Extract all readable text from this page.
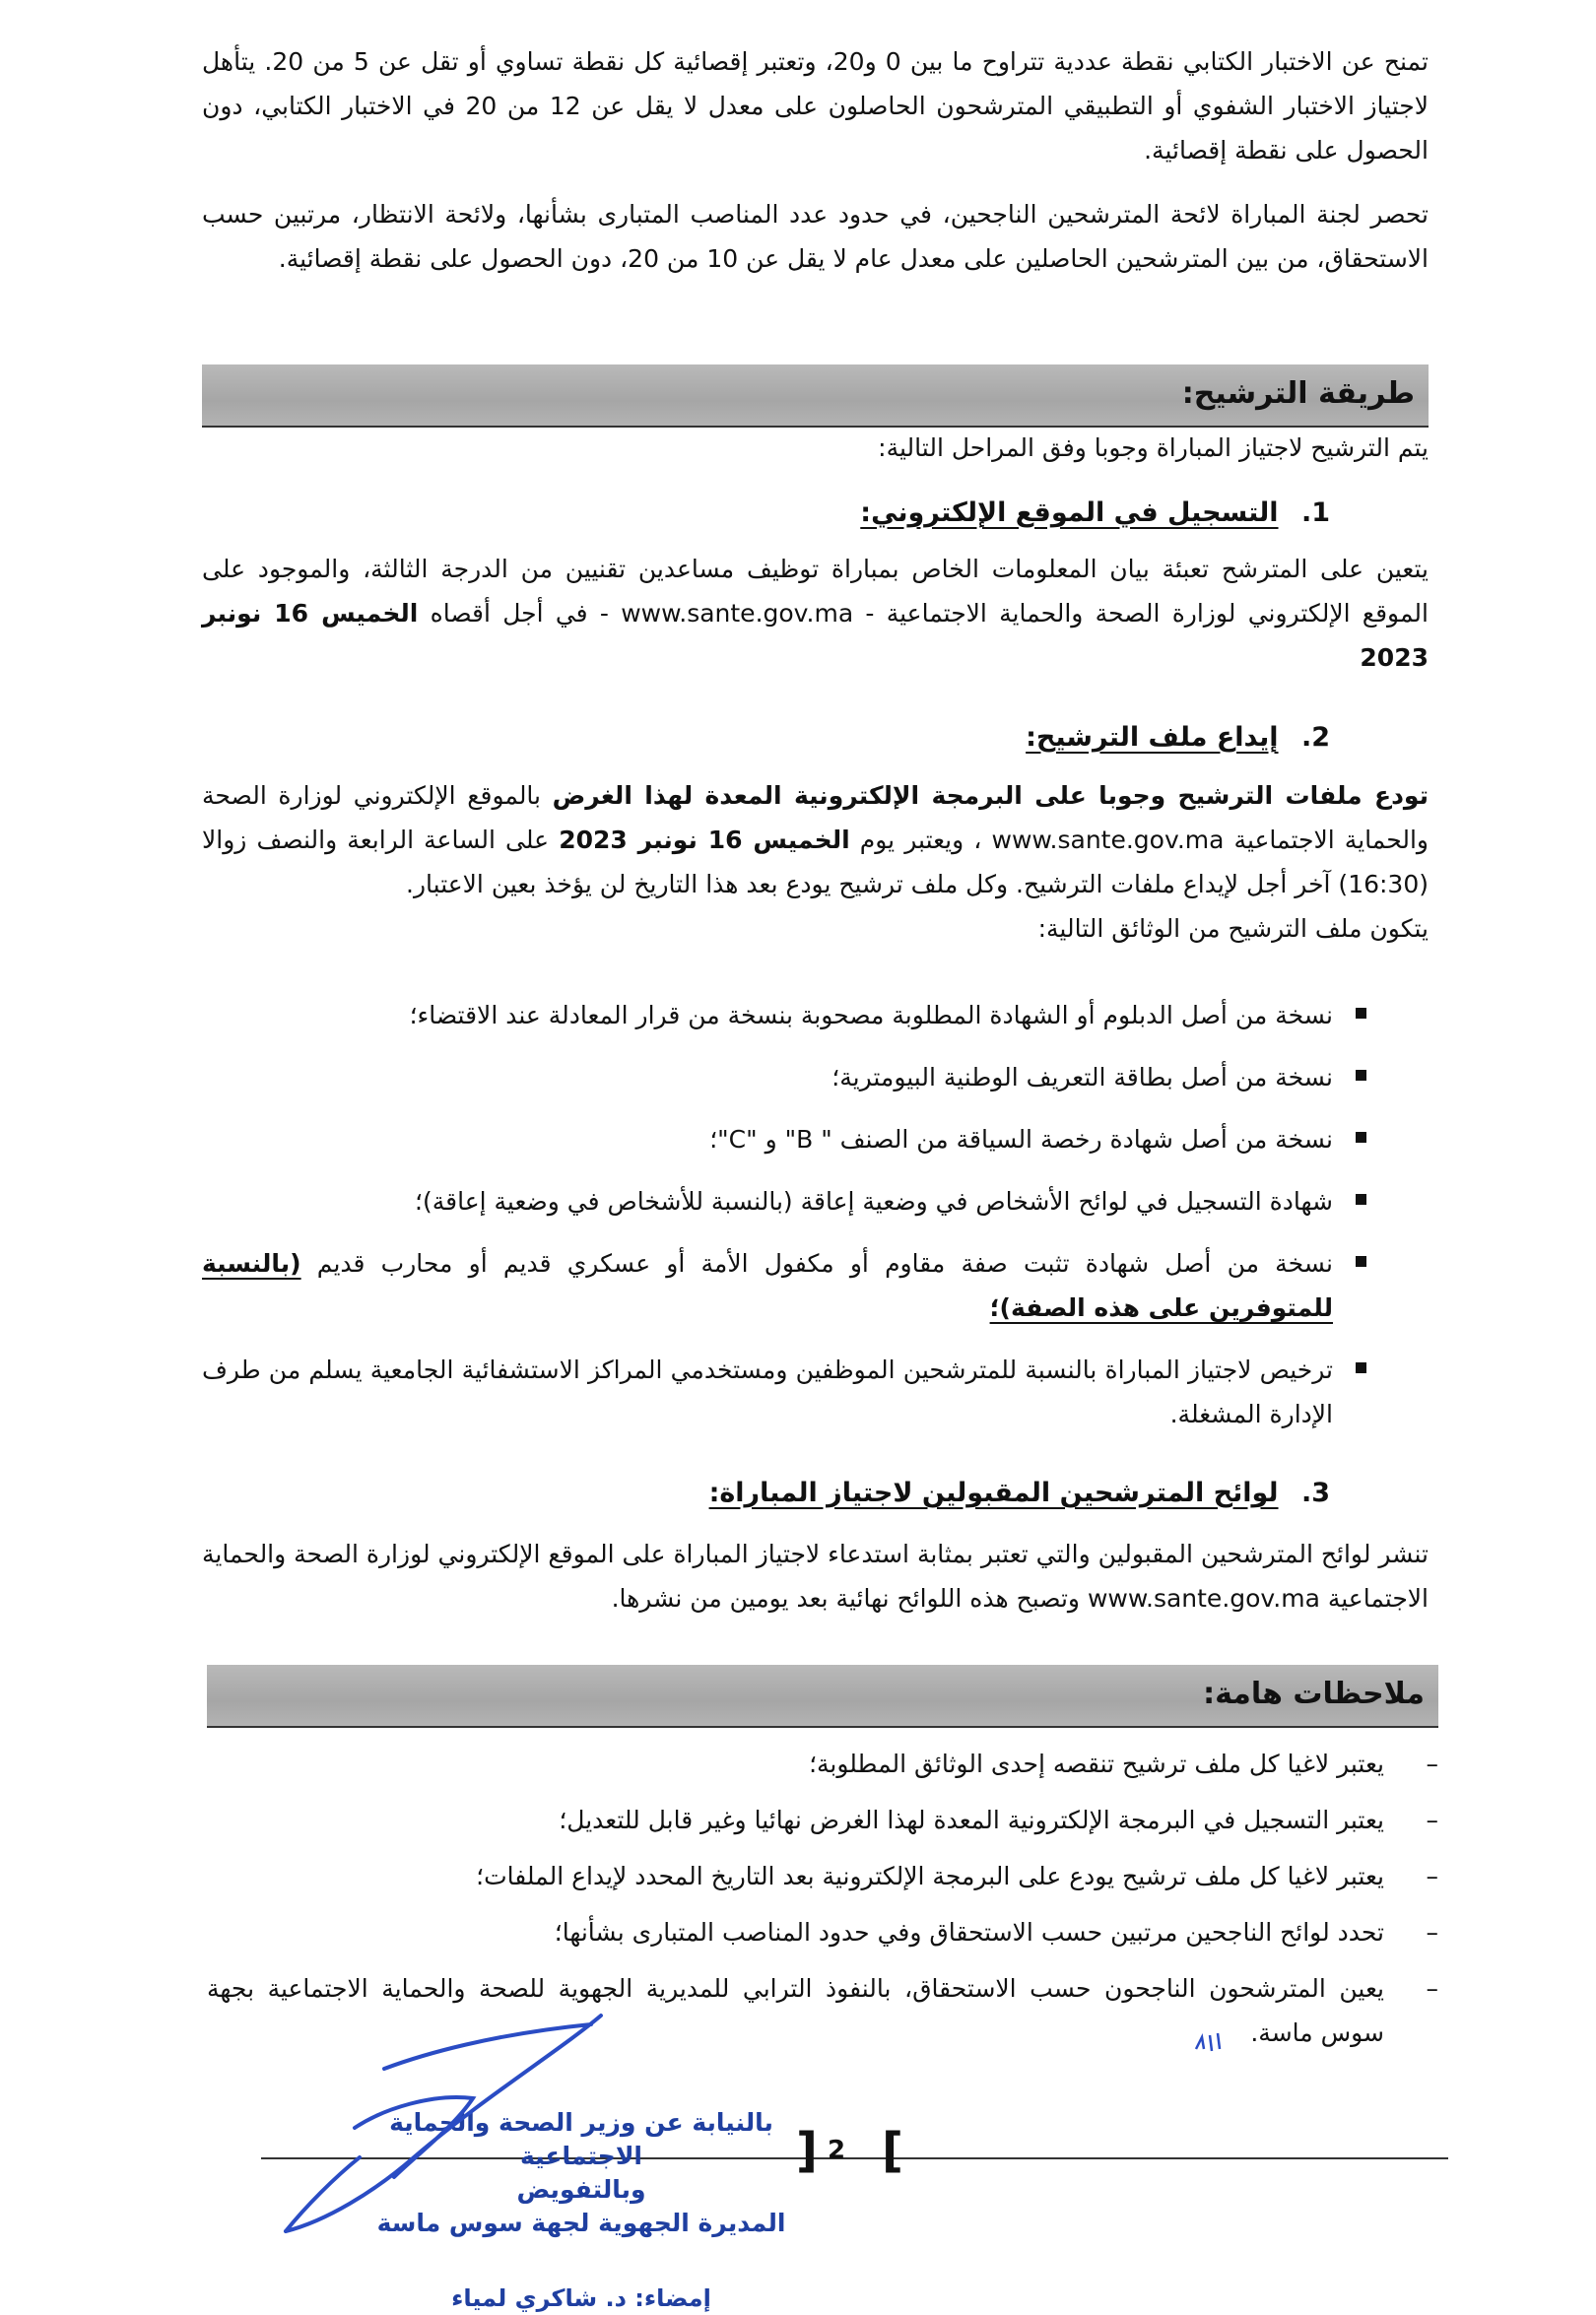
تمنح عن الاختبار الكتابي نقطة عددية تتراوح ما بين 0 و20، وتعتبر إقصائية كل نقطة تساوي أو تقل عن 5 من 20. يتأهل لاجتياز الاختبار الشفوي أو التطبيقي المترشحون الحاصلون على معدل لا يقل عن 12 من 20 في الاختبار الكتابي، دون الحصول على نقطة إقصائية.
تحصر لجنة المباراة لائحة المترشحين الناجحين، في حدود عدد المناصب المتبارى بشأنها، ولائحة الانتظار، مرتبين حسب الاستحقاق، من بين المترشحين الحاصلين على معدل عام لا يقل عن 10 من 20، دون الحصول على نقطة إقصائية.
طريقة الترشيح:
يتم الترشيح لاجتياز المباراة وجوبا وفق المراحل التالية:
1. التسجيل في الموقع الإلكتروني:
يتعين على المترشح تعبئة بيان المعلومات الخاص بمباراة توظيف مساعدين تقنيين من الدرجة الثالثة، والموجود على الموقع الإلكتروني لوزارة الصحة والحماية الاجتماعية - www.sante.gov.ma - في أجل أقصاه الخميس 16 نونبر 2023
2. إيداع ملف الترشيح:
تودع ملفات الترشيح وجوبا على البرمجة الإلكترونية المعدة لهذا الغرض بالموقع الإلكتروني لوزارة الصحة والحماية الاجتماعية www.sante.gov.ma ، ويعتبر يوم الخميس 16 نونبر 2023 على الساعة الرابعة والنصف زوالا (16:30) آخر أجل لإيداع ملفات الترشيح. وكل ملف ترشيح يودع بعد هذا التاريخ لن يؤخذ بعين الاعتبار.
يتكون ملف الترشيح من الوثائق التالية:
نسخة من أصل الدبلوم أو الشهادة المطلوبة مصحوبة بنسخة من قرار المعادلة عند الاقتضاء؛
نسخة من أصل بطاقة التعريف الوطنية البيومترية؛
نسخة من أصل شهادة رخصة السياقة من الصنف " B" و "C"؛
شهادة التسجيل في لوائح الأشخاص في وضعية إعاقة (بالنسبة للأشخاص في وضعية إعاقة)؛
نسخة من أصل شهادة تثبت صفة مقاوم أو مكفول الأمة أو عسكري قديم أو محارب قديم (بالنسبة للمتوفرين على هذه الصفة)؛
ترخيص لاجتياز المباراة بالنسبة للمترشحين الموظفين ومستخدمي المراكز الاستشفائية الجامعية يسلم من طرف الإدارة المشغلة.
3. لوائح المترشحين المقبولين لاجتياز المباراة:
تنشر لوائح المترشحين المقبولين والتي تعتبر بمثابة استدعاء لاجتياز المباراة على الموقع الإلكتروني لوزارة الصحة والحماية الاجتماعية www.sante.gov.ma وتصبح هذه اللوائح نهائية بعد يومين من نشرها.
ملاحظات هامة:
–
يعتبر لاغيا كل ملف ترشيح تنقصه إحدى الوثائق المطلوبة؛
–
يعتبر التسجيل في البرمجة الإلكترونية المعدة لهذا الغرض نهائيا وغير قابل للتعديل؛
–
يعتبر لاغيا كل ملف ترشيح يودع على البرمجة الإلكترونية بعد التاريخ المحدد لإيداع الملفات؛
–
تحدد لوائح الناجحين مرتبين حسب الاستحقاق وفي حدود المناصب المتبارى بشأنها؛
–
يعين المترشحون الناجحون حسب الاستحقاق، بالنفوذ الترابي للمديرية الجهوية للصحة والحماية الاجتماعية بجهة سوس ماسة.
]
2
[
بالنيابة عن وزير الصحة والحماية الاجتماعية
وبالتفويض
المديرة الجهوية لجهة سوس ماسة
إمضاء: د. شاكري لمياء
